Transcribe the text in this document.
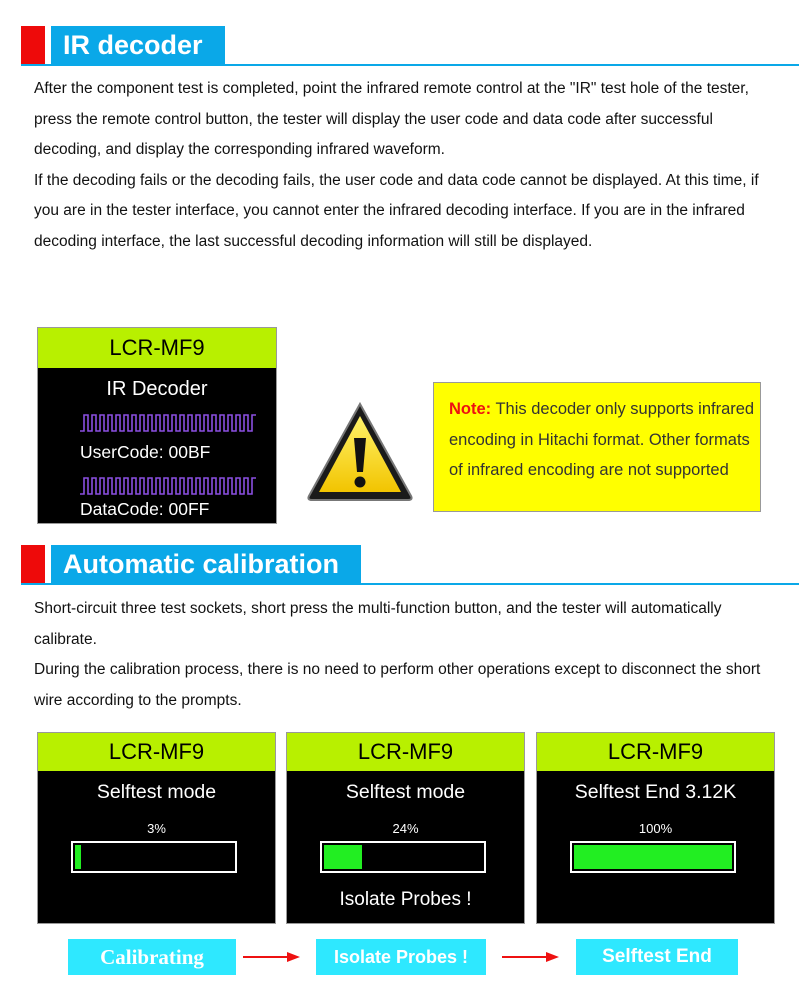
IR decoder

After the component test is completed, point the infrared remote control at the "IR" test hole of the tester, press the remote control button, the tester will display the user code and data code after successful decoding, and display the corresponding infrared waveform.

If the decoding fails or the decoding fails, the user code and data code cannot be displayed. At this time, if you are in the tester interface, you cannot enter the infrared decoding interface. If you are in the infrared decoding interface, the last successful decoding information will still be displayed.

LCR-MF9
IR Decoder
UserCode: 00BF
DataCode: 00FF
Note: This decoder only supports infrared encoding in Hitachi format. Other formats of infrared encoding are not supported
Automatic calibration

Short-circuit three test sockets, short press the multi-function button, and the tester will automatically calibrate.

During the calibration process, there is no need to perform other operations except to disconnect the short wire according to the prompts.

LCR-MF9
Selftest mode
3%
LCR-MF9
Selftest mode
24%
Isolate Probes !
LCR-MF9
Selftest End 3.12K
100%
Calibrating	Isolate Probes !	Selftest End
